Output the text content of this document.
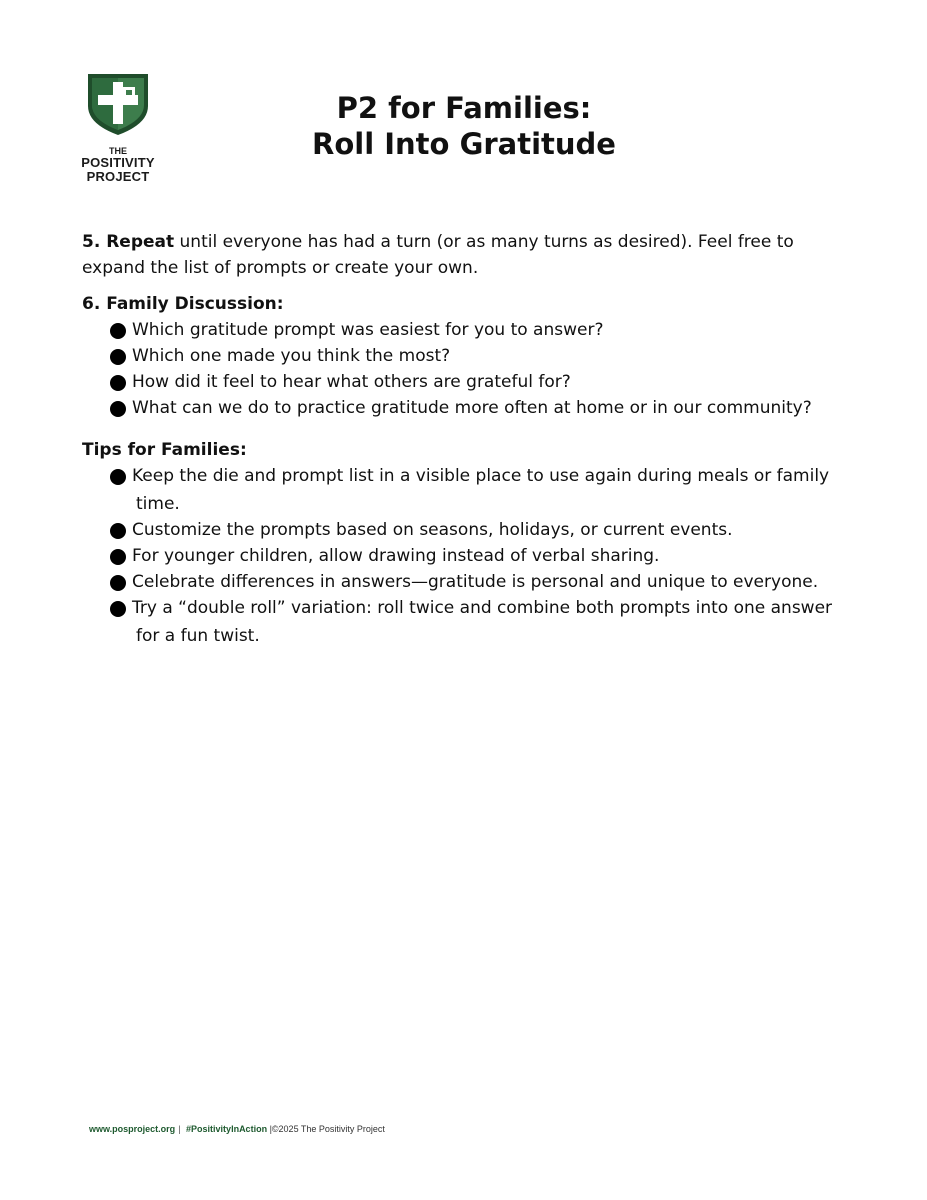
THE
POSITIVITY
PROJECT
P2 for Families:
Roll Into Gratitude

5. Repeat until everyone has had a turn (or as many turns as desired). Feel free to expand the list of prompts or create your own.

6. Family Discussion:

Which gratitude prompt was easiest for you to answer?
Which one made you think the most?
How did it feel to hear what others are grateful for?
What can we do to practice gratitude more often at home or in our community?

Tips for Families:

Keep the die and prompt list in a visible place to use again during meals or family
time.
Customize the prompts based on seasons, holidays, or current events.
For younger children, allow drawing instead of verbal sharing.
Celebrate differences in answers—gratitude is personal and unique to everyone.
Try a “double roll” variation: roll twice and combine both prompts into one answer
for a fun twist.
www.posproject.org | #PositivityInAction |©2025 The Positivity Project
